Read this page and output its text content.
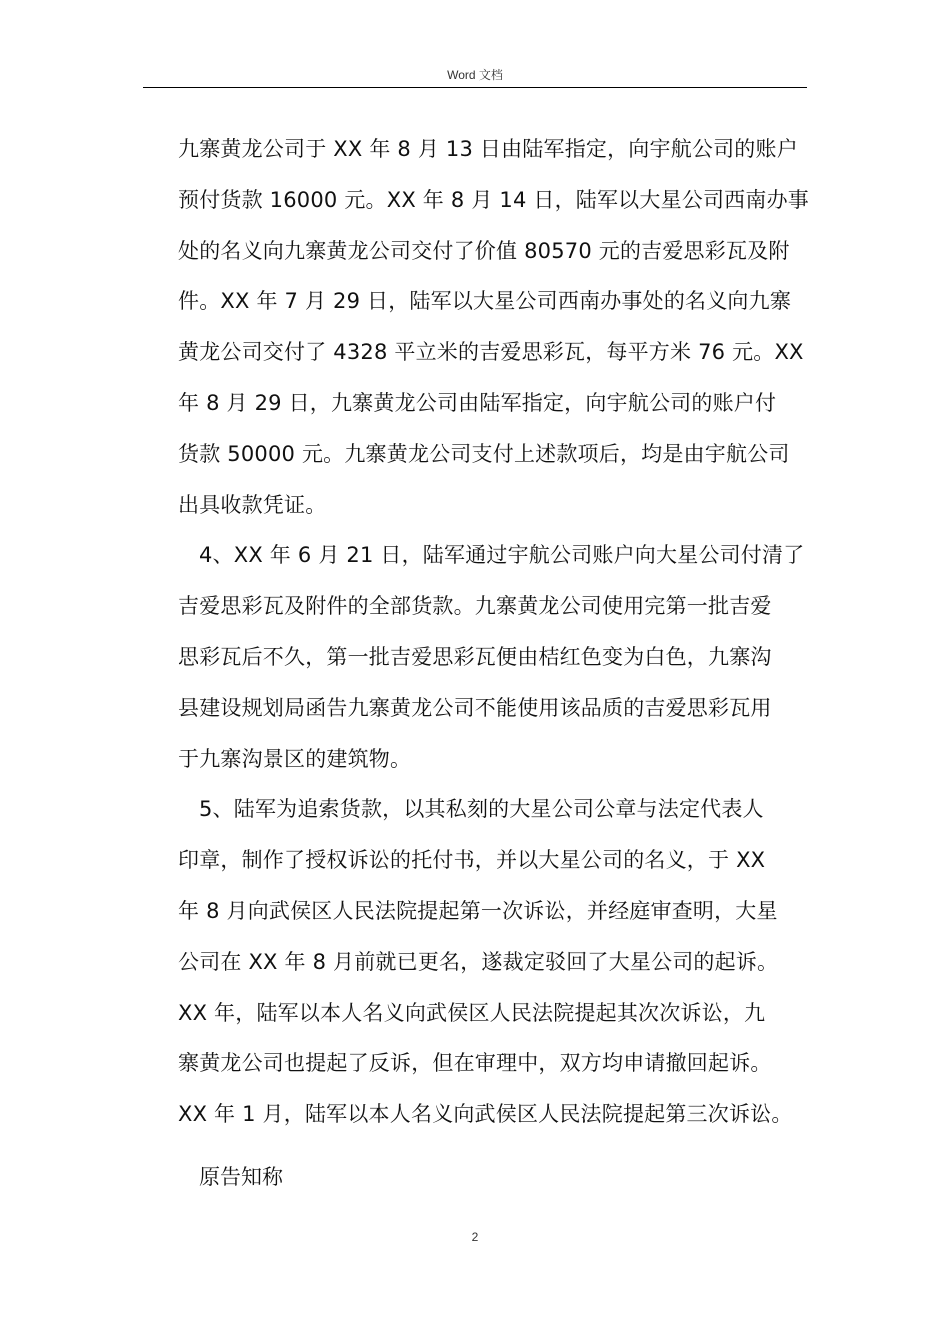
Word 文档
九寨黄龙公司于 XX 年 8 月 13 日由陆军指定，向宇航公司的账户
预付货款 16000 元。XX 年 8 月 14 日，陆军以大星公司西南办事
处的名义向九寨黄龙公司交付了价值 80570 元的吉爱思彩瓦及附
件。XX 年 7 月 29 日，陆军以大星公司西南办事处的名义向九寨
黄龙公司交付了 4328 平立米的吉爱思彩瓦，每平方米 76 元。XX
年 8 月 29 日，九寨黄龙公司由陆军指定，向宇航公司的账户付
货款 50000 元。九寨黄龙公司支付上述款项后，均是由宇航公司
出具收款凭证。
4、XX 年 6 月 21 日，陆军通过宇航公司账户向大星公司付清了
吉爱思彩瓦及附件的全部货款。九寨黄龙公司使用完第一批吉爱
思彩瓦后不久，第一批吉爱思彩瓦便由桔红色变为白色，九寨沟
县建设规划局函告九寨黄龙公司不能使用该品质的吉爱思彩瓦用
于九寨沟景区的建筑物。
5、陆军为追索货款，以其私刻的大星公司公章与法定代表人
印章，制作了授权诉讼的托付书，并以大星公司的名义，于 XX
年 8 月向武侯区人民法院提起第一次诉讼，并经庭审查明，大星
公司在 XX 年 8 月前就已更名，遂裁定驳回了大星公司的起诉。
XX 年，陆军以本人名义向武侯区人民法院提起其次次诉讼，九
寨黄龙公司也提起了反诉，但在审理中，双方均申请撤回起诉。
XX 年 1 月，陆军以本人名义向武侯区人民法院提起第三次诉讼。
原告知称
2
